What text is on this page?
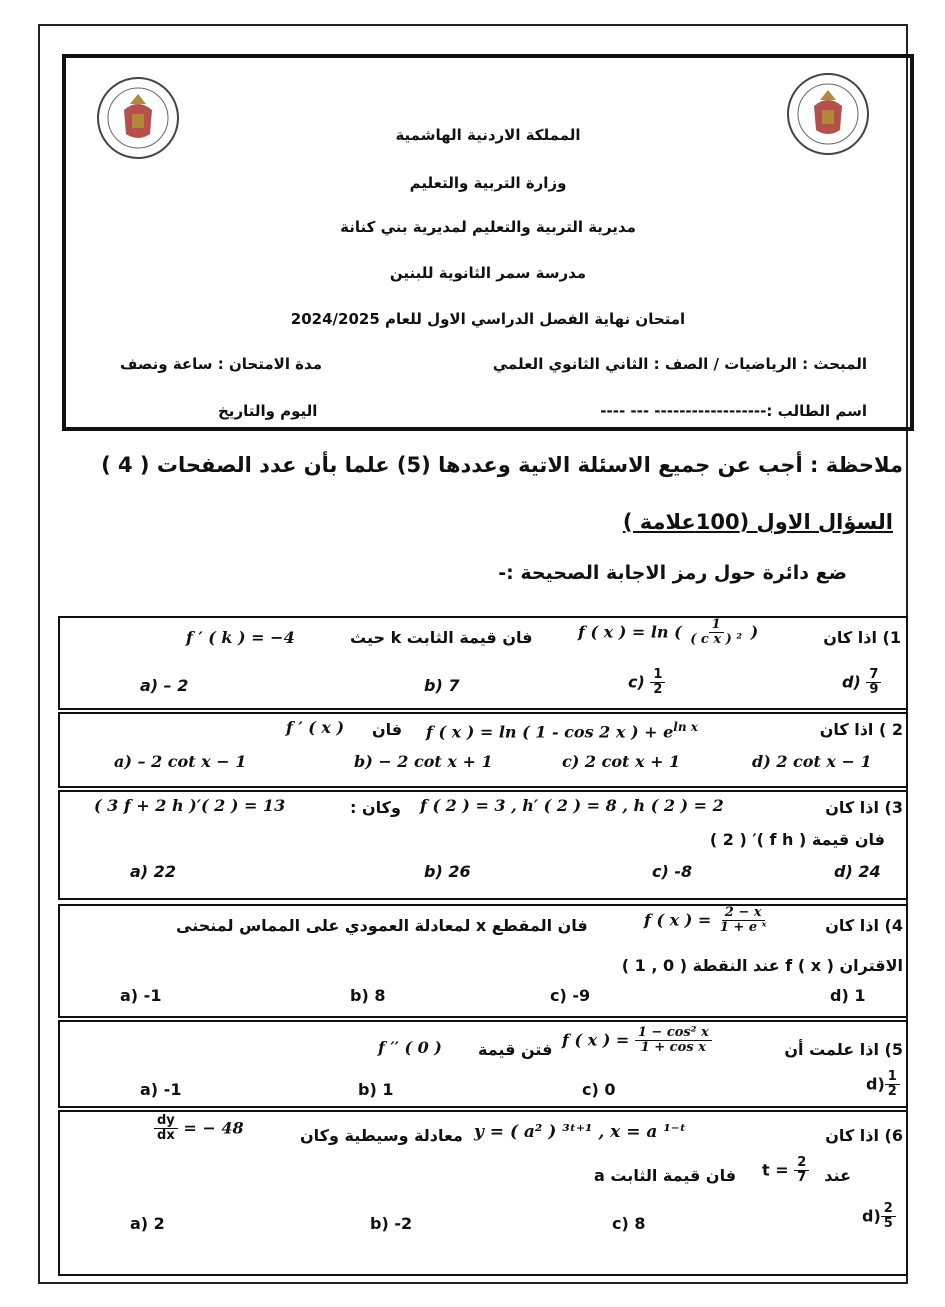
المملكة الاردنية الهاشمية
وزارة التربية والتعليم
مديرية التربية والتعليم لمديرية بني كنانة
مدرسة سمر الثانوية للبنين
امتحان نهاية الفصل الدراسي الاول للعام 2024/2025
المبحث : الرياضيات / الصف : الثاني الثانوي العلمي
مدة الامتحان : ساعة ونصف
اسم الطالب :------------------ --- ----
اليوم والتاريخ
ملاحظة : أجب عن جميع الاسئلة الاتية وعددها (5) علما بأن عدد الصفحات ( 4 )
السؤال الاول (100علامة )
ضع دائرة حول رمز الاجابة الصحيحة :-
1) اذا كان
f ( x ) = ln ( $\frac{1}{\text{( c x ) ²}}$ )
فان قيمة الثابت k حيث
f ′ ( k ) = −4
a) – 2	b) 7	$c) \frac{1}{2}$	$d) \frac{7}{9}$
2 ) اذا كان
f ( x ) = ln ( 1 - cos 2 x ) + $e^{ln x}$
فان
f ′ ( x )
a) – 2 cot x − 1	b) − 2 cot x + 1	c) 2 cot x + 1	d) 2 cot x − 1
3) اذا كان
f ( 2 ) = 3 , h′ ( 2 ) = 8 , h ( 2 ) = 2
وكان :
( 3 f + 2 h )′( 2 ) = 13
فان قيمة ( f h )′ ( 2 )
a) 22	b) 26	c) -8	d) 24
4) اذا كان
f ( x ) = $\frac{2 - x}{\text{1 + e ˣ}}$
فان المقطع x لمعادلة العمودي على المماس لمنحنى
الاقتران f ( x ) عند النقطة ( 0 , 1 )
a) -1	b) 8	c) -9	d) 1
5) اذا علمت أن
f ( x ) = $\frac{\text{1 − cos² x}}{\text{1 + cos x}}$
فتن قيمة
f ′′ ( 0 )
a) -1	b) 1	c) 0	$d) \frac{1}{2}$
6) اذا كان
y = ( a² ) ³ᵗ⁺¹ , x = a ¹⁻ᵗ
معادلة وسيطية وكان
$\frac{dy}{dx}$ = − 48
عند
$t = \frac{2}{7}$
فان قيمة الثابت a
a) 2	b) -2	c) 8	$d) \frac{2}{5}$
